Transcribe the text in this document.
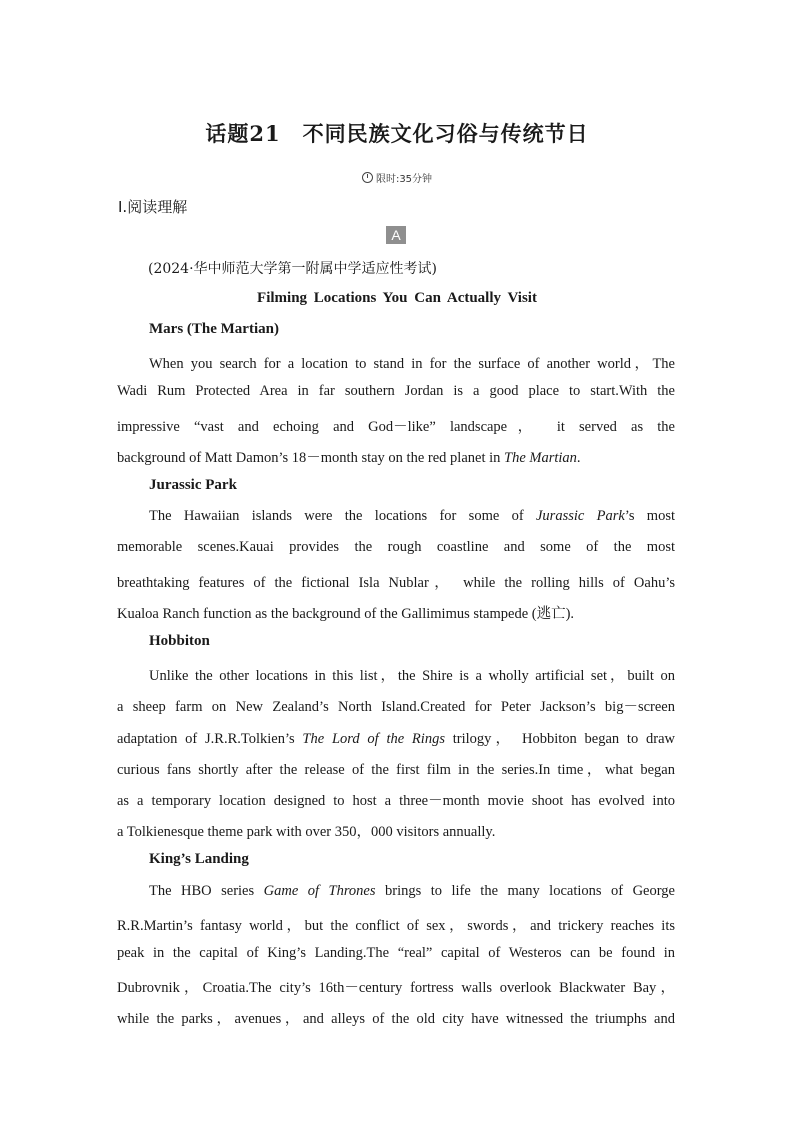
话题21 不同民族文化习俗与传统节日
限时:35分钟
Ⅰ.阅读理解
A
(2024·华中师范大学第一附属中学适应性考试)
Filming Locations You Can Actually Visit
Mars (The Martian)
When you search for a location to stand in for the surface of another world，The
Wadi Rum Protected Area in far southern Jordan is a good place to start.With the
impressive “vast and echoing and God－like” landscape， it served as the
background of Matt Damon’s 18－month stay on the red planet in The Martian.
Jurassic Park
The Hawaiian islands were the locations for some of Jurassic Park’s most
memorable scenes.Kauai provides the rough coastline and some of the most
breathtaking features of the fictional Isla Nublar， while the rolling hills of Oahu’s
Kualoa Ranch function as the background of the Gallimimus stampede (逃亡).
Hobbiton
Unlike the other locations in this list，the Shire is a wholly artificial set，built on
a sheep farm on New Zealand’s North Island.Created for Peter Jackson’s big－screen
adaptation of J.R.R.Tolkien’s The Lord of the Rings trilogy， Hobbiton began to draw
curious fans shortly after the release of the first film in the series.In time，what began
as a temporary location designed to host a three－month movie shoot has evolved into
a Tolkienesque theme park with over 350，000 visitors annually.
King’s Landing
The HBO series Game of Thrones brings to life the many locations of George
R.R.Martin’s fantasy world，but the conflict of sex，swords，and trickery reaches its
peak in the capital of King’s Landing.The “real” capital of Westeros can be found in
Dubrovnik，Croatia.The city’s 16th－century fortress walls overlook Blackwater Bay，
while the parks，avenues，and alleys of the old city have witnessed the triumphs and
